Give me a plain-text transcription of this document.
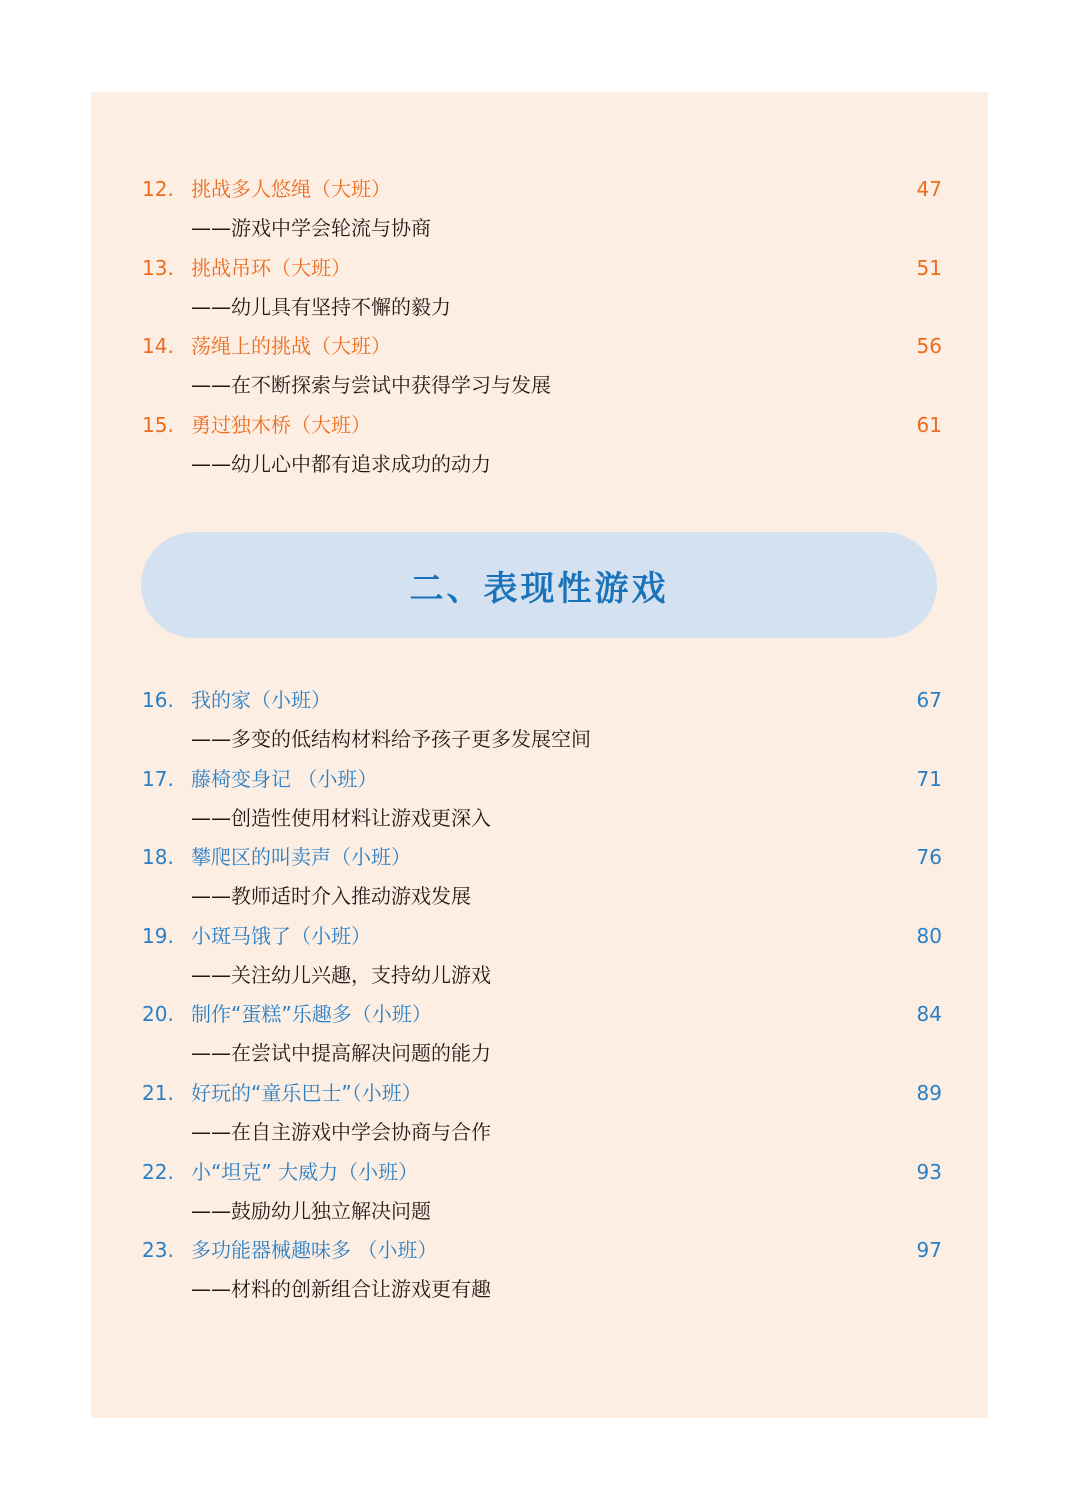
12. 挑战多人悠绳（大班）	47
——游戏中学会轮流与协商
13. 挑战吊环（大班）	51
——幼儿具有坚持不懈的毅力
14. 荡绳上的挑战（大班）	56
——在不断探索与尝试中获得学习与发展
15. 勇过独木桥（大班）	61
——幼儿心中都有追求成功的动力
二、表现性游戏
16. 我的家（小班）	67
——多变的低结构材料给予孩子更多发展空间
17. 藤椅变身记 （小班）	71
——创造性使用材料让游戏更深入
18. 攀爬区的叫卖声（小班）	76
——教师适时介入推动游戏发展
19. 小斑马饿了（小班）	80
——关注幼儿兴趣，支持幼儿游戏
20. 制作“蛋糕”乐趣多（小班）	84
——在尝试中提高解决问题的能力
21. 好玩的“童乐巴士”（小班）	89
——在自主游戏中学会协商与合作
22. 小“坦克” 大威力（小班）	93
——鼓励幼儿独立解决问题
23. 多功能器械趣味多 （小班）	97
——材料的创新组合让游戏更有趣
